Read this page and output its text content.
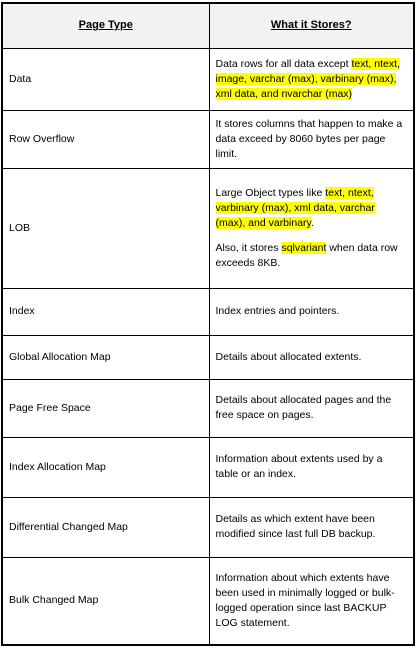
Page Type	What it Stores?
Data	Data rows for all data except text, ntext, image, varchar (max), varbinary (max), xml data, and nvarchar (max)

Row Overflow	It stores columns that happen to make a data exceed by 8060 bytes per page limit.

LOB	Large Object types like text, ntext, varbinary (max), xml data, varchar (max), and varbinary.

Also, it stores sqlvariant when data row exceeds 8KB.

Index	Index entries and pointers.

Global Allocation Map	Details about allocated extents.

Page Free Space	Details about allocated pages and the free space on pages.

Index Allocation Map	Information about extents used by a table or an index.

Differential Changed Map	Details as which extent have been modified since last full DB backup.

Bulk Changed Map	Information about which extents have been used in minimally logged or bulk-logged operation since last BACKUP LOG statement.
